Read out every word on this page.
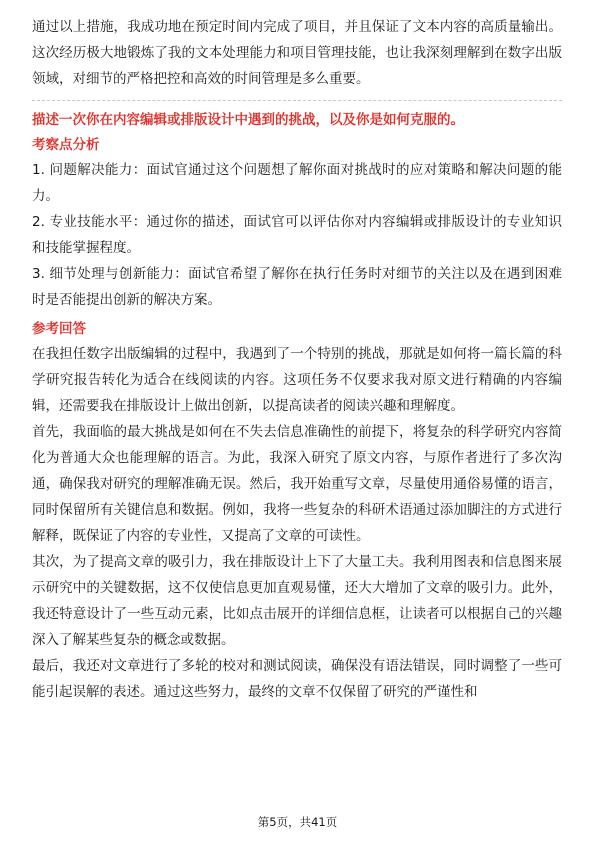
通过以上措施，我成功地在预定时间内完成了项目，并且保证了文本内容的高质量输出。这次经历极大地锻炼了我的文本处理能力和项目管理技能，也让我深刻理解到在数字出版领域，对细节的严格把控和高效的时间管理是多么重要。

描述一次你在内容编辑或排版设计中遇到的挑战，以及你是如何克服的。

考察点分析

1. 问题解决能力：面试官通过这个问题想了解你面对挑战时的应对策略和解决问题的能力。

2. 专业技能水平：通过你的描述，面试官可以评估你对内容编辑或排版设计的专业知识和技能掌握程度。

3. 细节处理与创新能力：面试官希望了解你在执行任务时对细节的关注以及在遇到困难时是否能提出创新的解决方案。

参考回答

在我担任数字出版编辑的过程中，我遇到了一个特别的挑战，那就是如何将一篇长篇的科学研究报告转化为适合在线阅读的内容。这项任务不仅要求我对原文进行精确的内容编辑，还需要我在排版设计上做出创新，以提高读者的阅读兴趣和理解度。

首先，我面临的最大挑战是如何在不失去信息准确性的前提下，将复杂的科学研究内容简化为普通大众也能理解的语言。为此，我深入研究了原文内容，与原作者进行了多次沟通，确保我对研究的理解准确无误。然后，我开始重写文章，尽量使用通俗易懂的语言，同时保留所有关键信息和数据。例如，我将一些复杂的科研术语通过添加脚注的方式进行解释，既保证了内容的专业性，又提高了文章的可读性。

其次，为了提高文章的吸引力，我在排版设计上下了大量工夫。我利用图表和信息图来展示研究中的关键数据，这不仅使信息更加直观易懂，还大大增加了文章的吸引力。此外，我还特意设计了一些互动元素，比如点击展开的详细信息框，让读者可以根据自己的兴趣深入了解某些复杂的概念或数据。

最后，我还对文章进行了多轮的校对和测试阅读，确保没有语法错误，同时调整了一些可能引起误解的表述。通过这些努力，最终的文章不仅保留了研究的严谨性和

第5页，共41页
